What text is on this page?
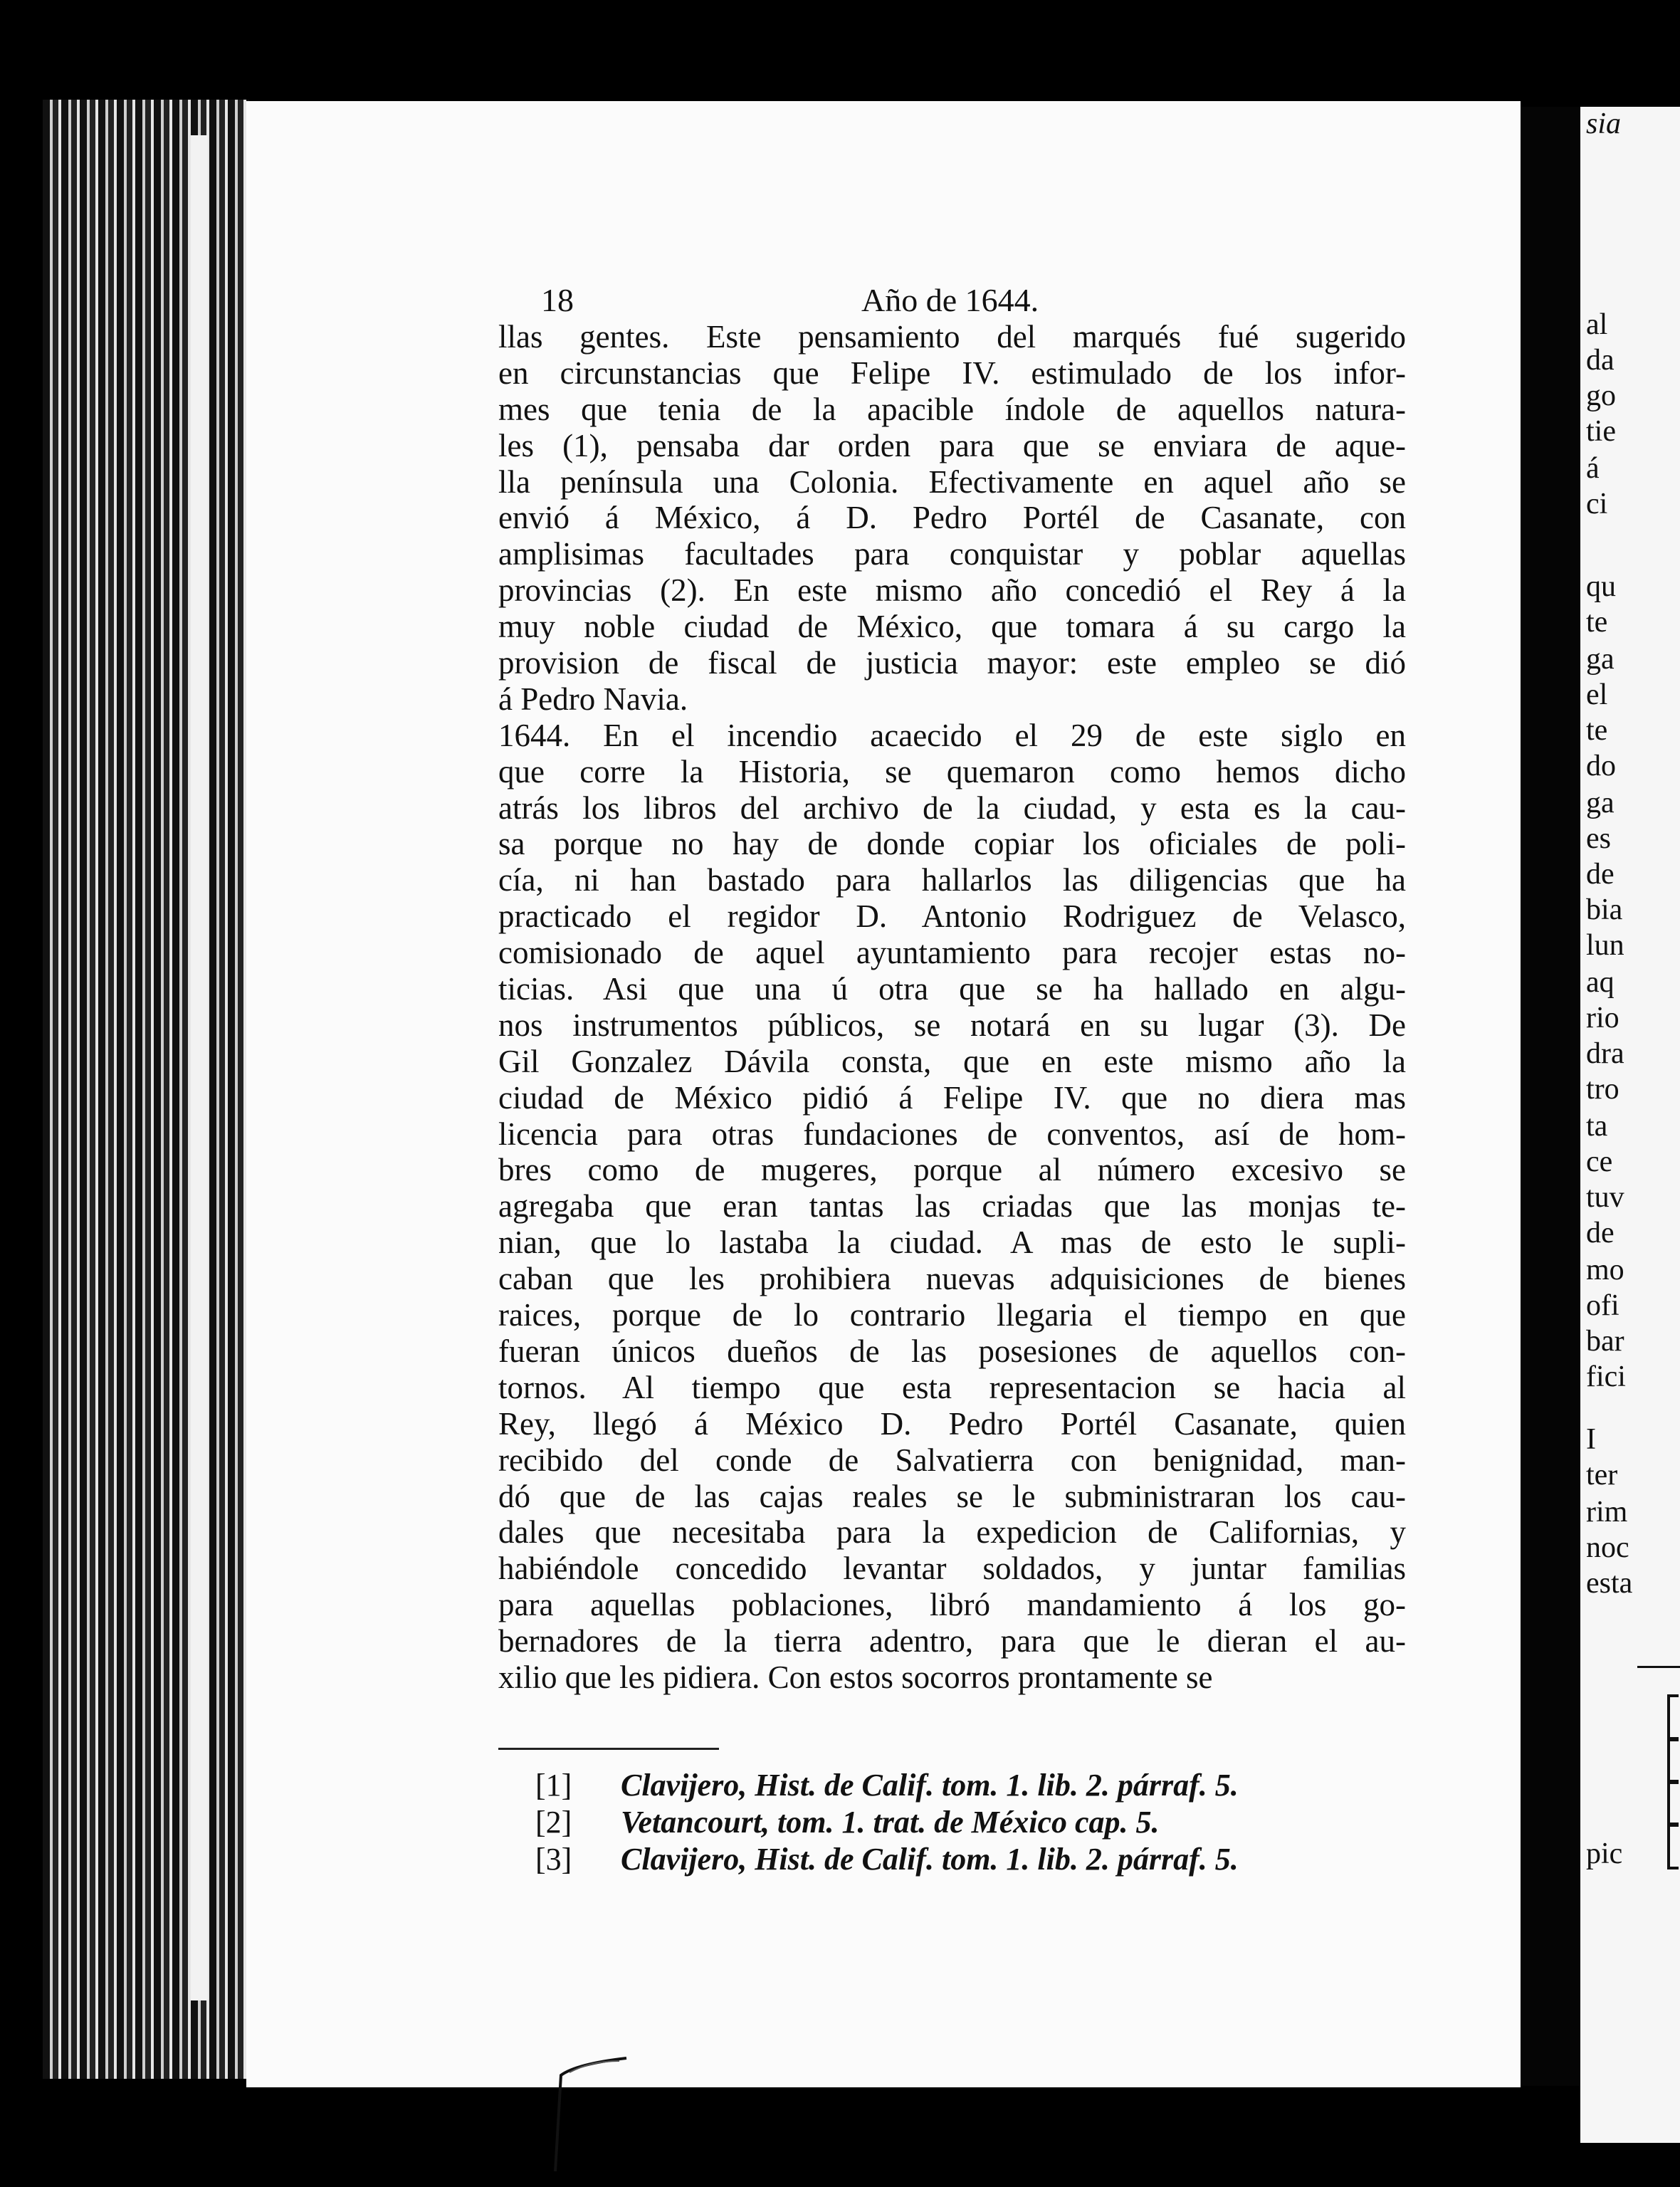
18	Año de 1644.
llas gentes. Este pensamiento del marqués fué sugerido
en circunstancias que Felipe IV. estimulado de los infor-
mes que tenia de la apacible índole de aquellos natura-
les (1), pensaba dar orden para que se enviara de aque-
lla península una Colonia. Efectivamente en aquel año se
envió á México, á D. Pedro Portél de Casanate, con
amplisimas facultades para conquistar y poblar aquellas
provincias (2). En este mismo año concedió el Rey á la
muy noble ciudad de México, que tomara á su cargo la
provision de fiscal de justicia mayor: este empleo se dió
á Pedro Navia.
1644. En el incendio acaecido el 29 de este siglo en
que corre la Historia, se quemaron como hemos dicho
atrás los libros del archivo de la ciudad, y esta es la cau-
sa porque no hay de donde copiar los oficiales de poli-
cía, ni han bastado para hallarlos las diligencias que ha
practicado el regidor D. Antonio Rodriguez de Velasco,
comisionado de aquel ayuntamiento para recojer estas no-
ticias. Asi que una ú otra que se ha hallado en algu-
nos instrumentos públicos, se notará en su lugar (3). De
Gil Gonzalez Dávila consta, que en este mismo año la
ciudad de México pidió á Felipe IV. que no diera mas
licencia para otras fundaciones de conventos, así de hom-
bres como de mugeres, porque al número excesivo se
agregaba que eran tantas las criadas que las monjas te-
nian, que lo lastaba la ciudad. A mas de esto le supli-
caban que les prohibiera nuevas adquisiciones de bienes
raices, porque de lo contrario llegaria el tiempo en que
fueran únicos dueños de las posesiones de aquellos con-
tornos. Al tiempo que esta representacion se hacia al
Rey, llegó á México D. Pedro Portél Casanate, quien
recibido del conde de Salvatierra con benignidad, man-
dó que de las cajas reales se le subministraran los cau-
dales que necesitaba para la expedicion de Californias, y
habiéndole concedido levantar soldados, y juntar familias
para aquellas poblaciones, libró mandamiento á los go-
bernadores de la tierra adentro, para que le dieran el au-
xilio que les pidiera. Con estos socorros prontamente se
[1] Clavijero, Hist. de Calif. tom. 1. lib. 2. párraf. 5.
[2] Vetancourt, tom. 1. trat. de México cap. 5.
[3] Clavijero, Hist. de Calif. tom. 1. lib. 2. párraf. 5.
al
da
go
tie
á
ci
qu
te
ga
el
te
do
ga
es
de
bia
lun
aq
rio
dra
tro
ta
ce
tuv
de
mo
ofi
bar
fici
I
ter
rim
noc
esta
pic
sia
